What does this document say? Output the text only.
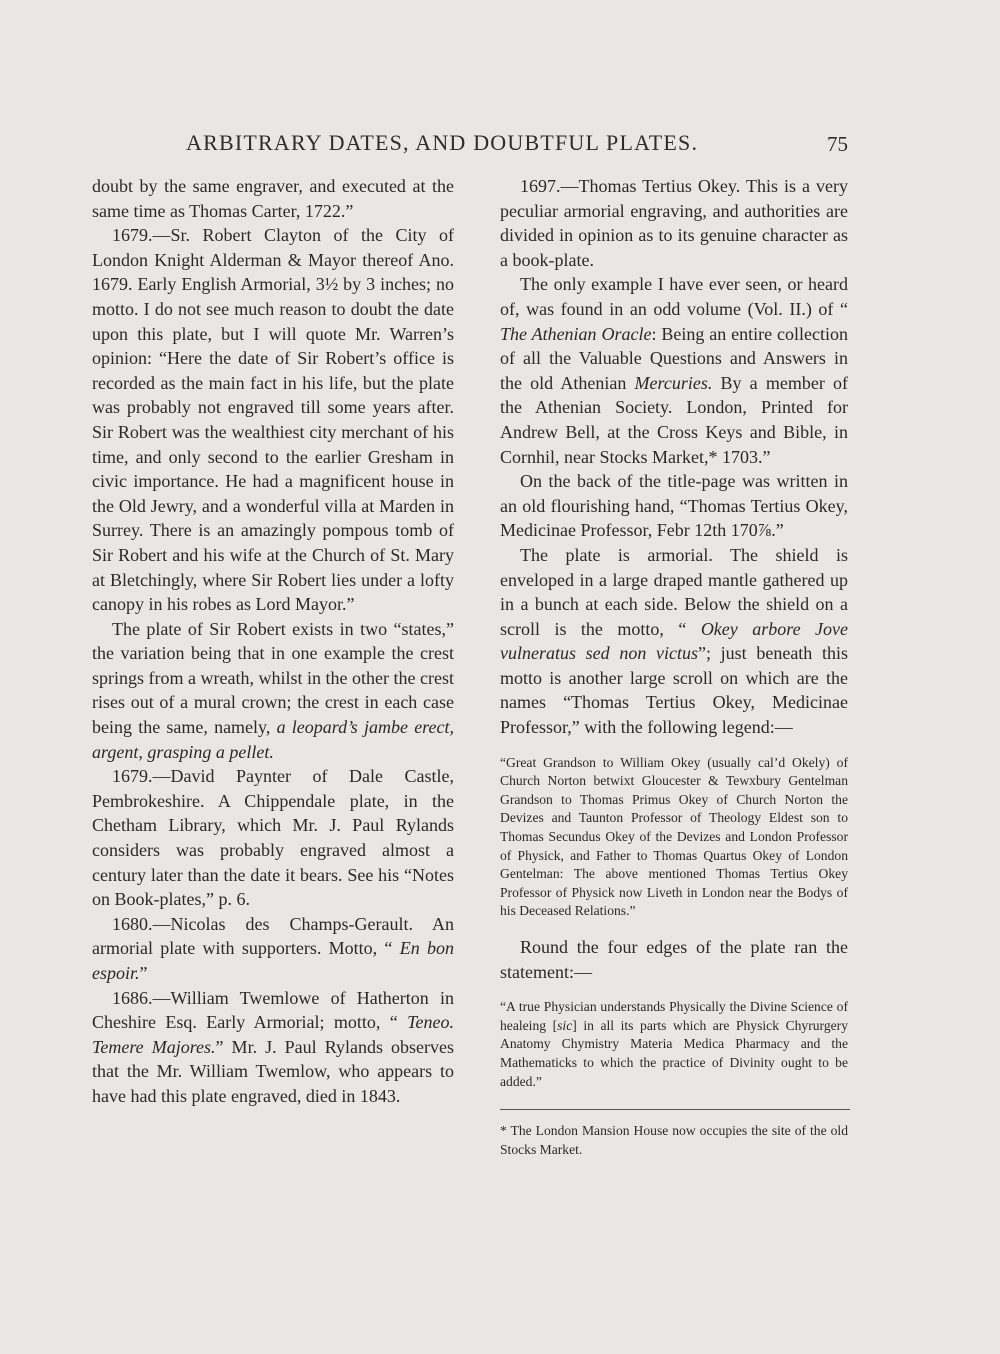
ARBITRARY DATES, AND DOUBTFUL PLATES.	75

doubt by the same engraver, and executed at the same time as Thomas Carter, 1722.”

1679.—Sr. Robert Clayton of the City of London Knight Alderman & Mayor thereof Ano. 1679. Early English Armorial, 3½ by 3 inches; no motto. I do not see much reason to doubt the date upon this plate, but I will quote Mr. Warren’s opinion: “Here the date of Sir Robert’s office is recorded as the main fact in his life, but the plate was probably not engraved till some years after. Sir Robert was the wealthiest city merchant of his time, and only second to the earlier Gresham in civic importance. He had a magnificent house in the Old Jewry, and a wonderful villa at Marden in Surrey. There is an amazingly pompous tomb of Sir Robert and his wife at the Church of St. Mary at Bletchingly, where Sir Robert lies under a lofty canopy in his robes as Lord Mayor.”

The plate of Sir Robert exists in two “states,” the variation being that in one example the crest springs from a wreath, whilst in the other the crest rises out of a mural crown; the crest in each case being the same, namely, a leopard’s jambe erect, argent, grasping a pellet.

1679.—David Paynter of Dale Castle, Pembrokeshire. A Chippendale plate, in the Chetham Library, which Mr. J. Paul Rylands considers was probably engraved almost a century later than the date it bears. See his “Notes on Book-plates,” p. 6.

1680.—Nicolas des Champs-Gerault. An armorial plate with supporters. Motto, “ En bon espoir.”

1686.—William Twemlowe of Hatherton in Cheshire Esq. Early Armorial; motto, “ Teneo. Temere Majores.” Mr. J. Paul Rylands observes that the Mr. William Twemlow, who appears to have had this plate engraved, died in 1843.

1697.—Thomas Tertius Okey. This is a very peculiar armorial engraving, and authorities are divided in opinion as to its genuine character as a book-plate.

The only example I have ever seen, or heard of, was found in an odd volume (Vol. II.) of “ The Athenian Oracle: Being an entire collection of all the Valuable Questions and Answers in the old Athenian Mercuries. By a member of the Athenian Society. London, Printed for Andrew Bell, at the Cross Keys and Bible, in Cornhil, near Stocks Market,* 1703.”

On the back of the title-page was written in an old flourishing hand, “Thomas Tertius Okey, Medicinae Professor, Febr 12th 170⅞.”

The plate is armorial. The shield is enveloped in a large draped mantle gathered up in a bunch at each side. Below the shield on a scroll is the motto, “ Okey arbore Jove vulneratus sed non victus”; just beneath this motto is another large scroll on which are the names “Thomas Tertius Okey, Medicinae Professor,” with the following legend:—

“Great Grandson to William Okey (usually cal’d Okely) of Church Norton betwixt Gloucester & Tewxbury Gentelman Grandson to Thomas Primus Okey of Church Norton the Devizes and Taunton Professor of Theology Eldest son to Thomas Secundus Okey of the Devizes and London Professor of Physick, and Father to Thomas Quartus Okey of London Gentelman: The above mentioned Thomas Tertius Okey Professor of Physick now Liveth in London near the Bodys of his Deceased Relations.”

Round the four edges of the plate ran the statement:—

“A true Physician understands Physically the Divine Science of healeing [sic] in all its parts which are Physick Chyrurgery Anatomy Chymistry Materia Medica Pharmacy and the Mathematicks to which the practice of Divinity ought to be added.”

* The London Mansion House now occupies the site of the old Stocks Market.
